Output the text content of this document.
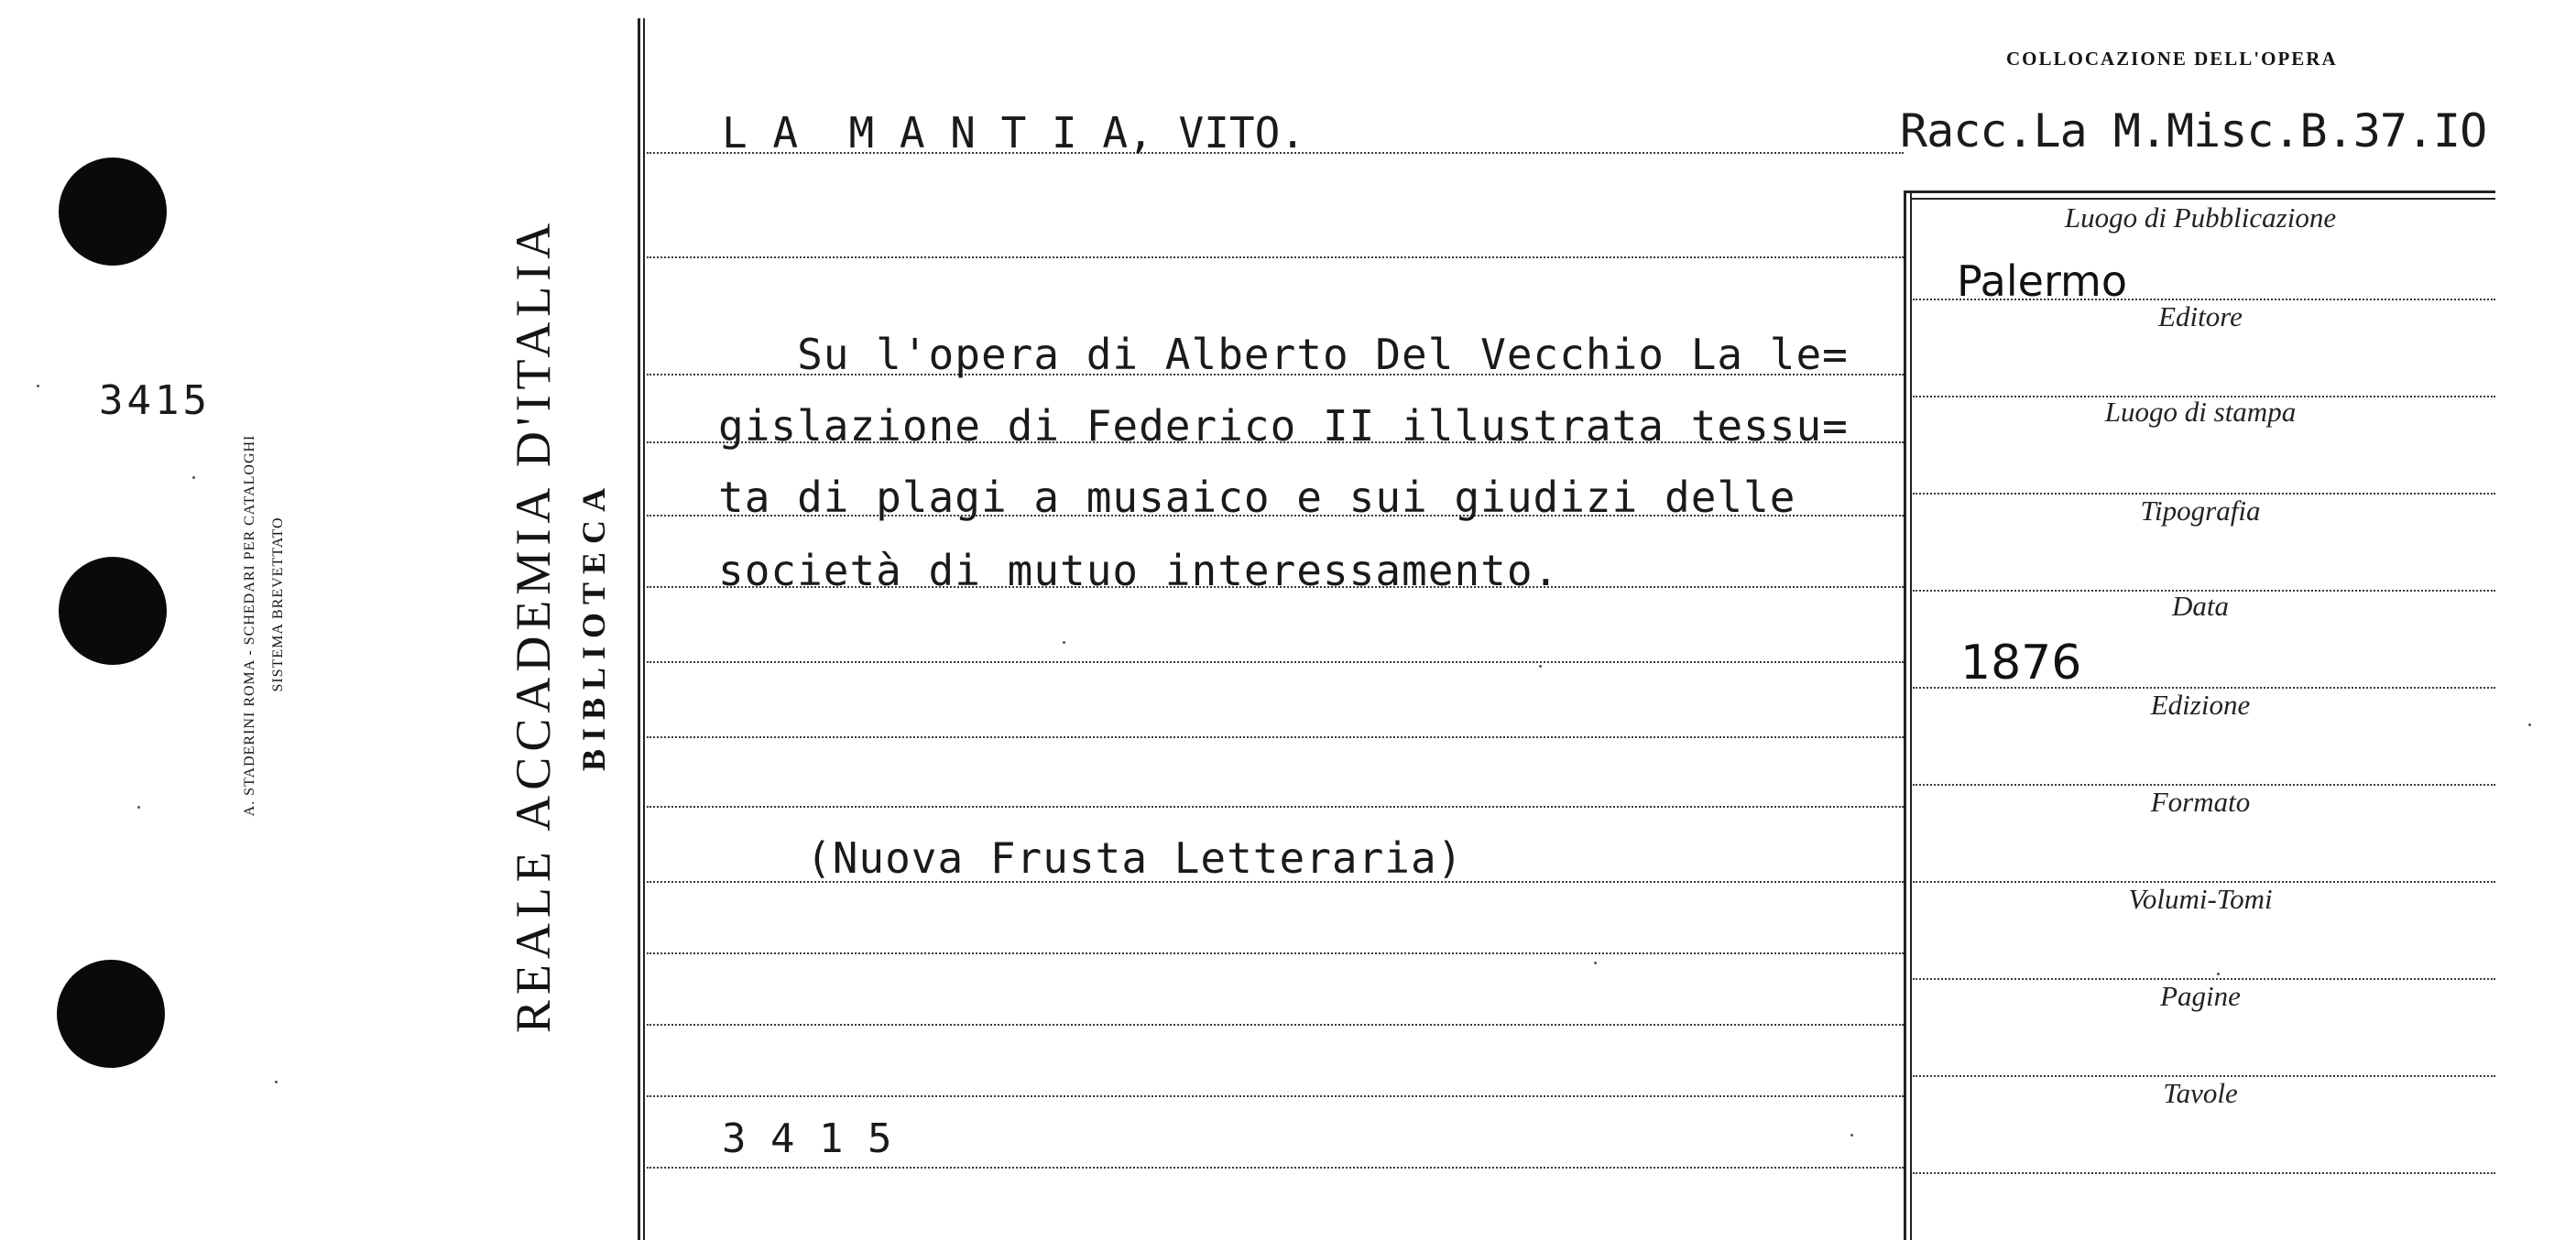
3415
A. STADERINI ROMA - SCHEDARI PER CATALOGHI SISTEMA BREVETTATO	REALE ACCADEMIA D'ITALIA BIBLIOTECA
COLLOCAZIONE DELL'OPERA
L A  M A N T I A, VITO.	Racc.La M.Misc.B.37.IO
Su l'opera di Alberto Del Vecchio La le=
gislazione di Federico II illustrata tessu=
ta di plagi a musaico e sui giudizi delle
società di mutuo interessamento.
(Nuova Frusta Letteraria)
3 4 1 5
Luogo di Pubblicazione
Palermo
Editore
Luogo di stampa
Tipografia
Data
1876
Edizione
Formato
Volumi-Tomi
Pagine
Tavole
